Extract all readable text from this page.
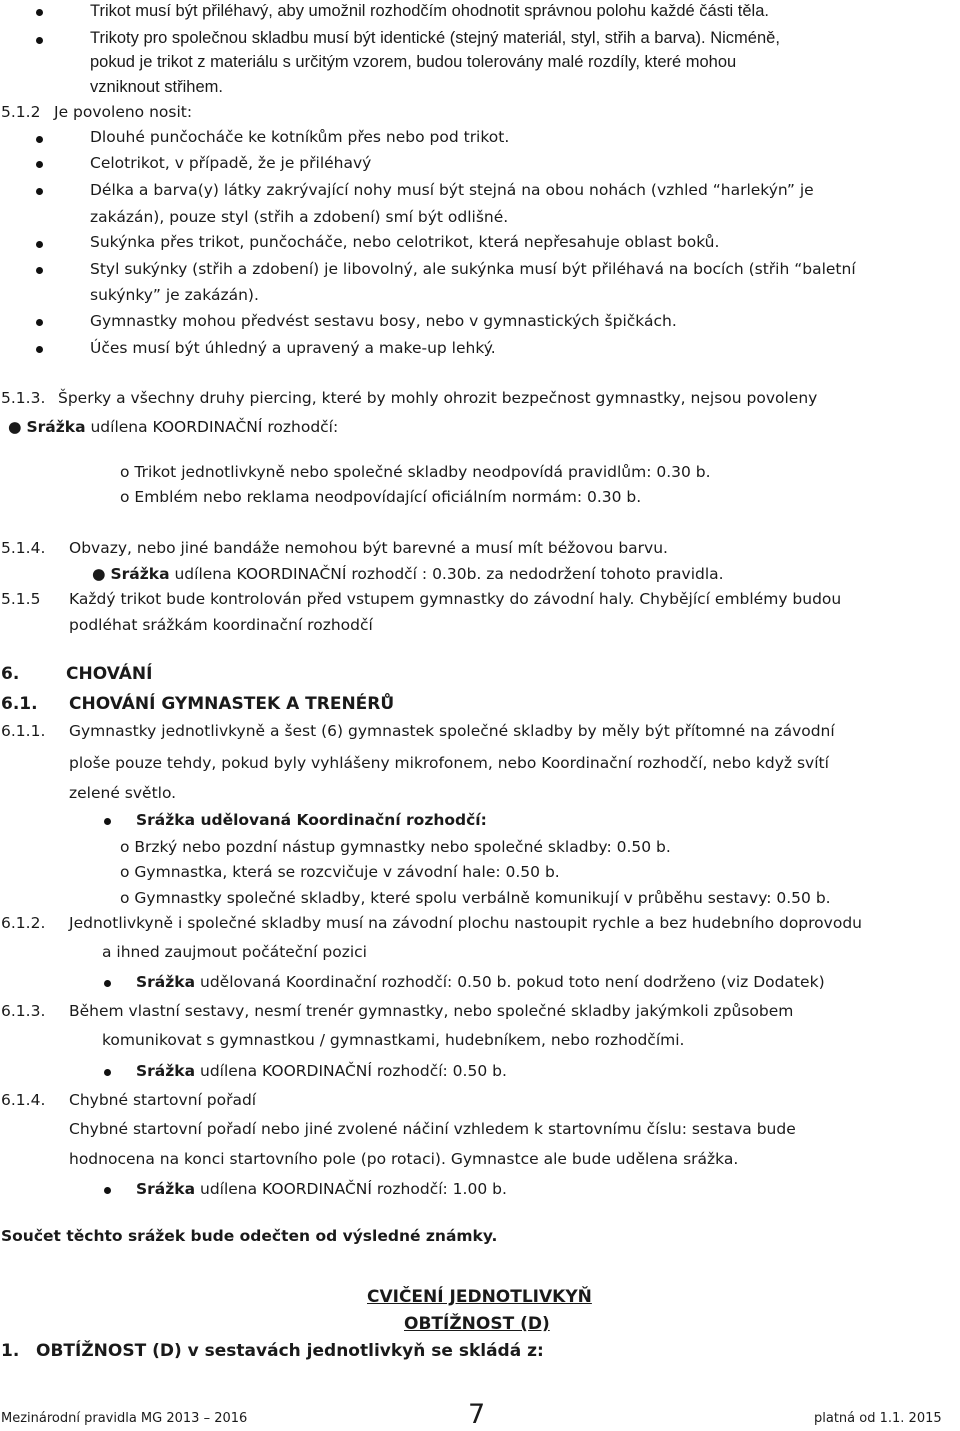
Trikot musí být přiléhavý, aby umožnil rozhodčím ohodnotit správnou polohu každé části těla.
Trikoty pro společnou skladbu musí být identické (stejný materiál, styl, střih a barva). Nicméně,
pokud je trikot z materiálu s určitým vzorem, budou tolerovány malé rozdíly, které mohou
vzniknout střihem.
5.1.2 Je povoleno nosit:
Dlouhé punčocháče ke kotníkům přes nebo pod trikot.
Celotrikot, v případě, že je přiléhavý
Délka a barva(y) látky zakrývající nohy musí být stejná na obou nohách (vzhled “harlekýn” je
zakázán), pouze styl (střih a zdobení) smí být odlišné.
Sukýnka přes trikot, punčocháče, nebo celotrikot, která nepřesahuje oblast boků.
Styl sukýnky (střih a zdobení) je libovolný, ale sukýnka musí být přiléhavá na bocích (střih “baletní
sukýnky” je zakázán).
Gymnastky mohou předvést sestavu bosy, nebo v gymnastických špičkách.
Účes musí být úhledný a upravený a make-up lehký.
5.1.3. Šperky a všechny druhy piercing, které by mohly ohrozit bezpečnost gymnastky, nejsou povoleny
● Srážka udílena KOORDINAČNÍ rozhodčí:
o Trikot jednotlivkyně nebo společné skladby neodpovídá pravidlům: 0.30 b.
o Emblém nebo reklama neodpovídající oficiálním normám: 0.30 b.
5.1.4. Obvazy, nebo jiné bandáže nemohou být barevné a musí mít béžovou barvu.
● Srážka udílena KOORDINAČNÍ rozhodčí : 0.30b. za nedodržení tohoto pravidla.
5.1.5 Každý trikot bude kontrolován před vstupem gymnastky do závodní haly. Chybějící emblémy budou
podléhat srážkám koordinační rozhodčí
6.	CHOVÁNÍ
6.1. CHOVÁNÍ GYMNASTEK A TRENÉRŮ
6.1.1. Gymnastky jednotlivkyně a šest (6) gymnastek společné skladby by měly být přítomné na závodní
ploše pouze tehdy, pokud byly vyhlášeny mikrofonem, nebo Koordinační rozhodčí, nebo když svítí
zelené světlo.
Srážka udělovaná Koordinační rozhodčí:
o Brzký nebo pozdní nástup gymnastky nebo společné skladby: 0.50 b.
o Gymnastka, která se rozcvičuje v závodní hale: 0.50 b.
o Gymnastky společné skladby, které spolu verbálně komunikují v průběhu sestavy: 0.50 b.
6.1.2. Jednotlivkyně i společné skladby musí na závodní plochu nastoupit rychle a bez hudebního doprovodu
a ihned zaujmout počáteční pozici
Srážka udělovaná Koordinační rozhodčí: 0.50 b. pokud toto není dodrženo (viz Dodatek)
6.1.3. Během vlastní sestavy, nesmí trenér gymnastky, nebo společné skladby jakýmkoli způsobem
komunikovat s gymnastkou / gymnastkami, hudebníkem, nebo rozhodčími.
Srážka udílena KOORDINAČNÍ rozhodčí: 0.50 b.
6.1.4. Chybné startovní pořadí
Chybné startovní pořadí nebo jiné zvolené náčiní vzhledem k startovnímu číslu: sestava bude
hodnocena na konci startovního pole (po rotaci). Gymnastce ale bude udělena srážka.
Srážka udílena KOORDINAČNÍ rozhodčí: 1.00 b.
Součet těchto srážek bude odečten od výsledné známky.
CVIČENÍ JEDNOTLIVKYŇ
OBTÍŽNOST (D)
1. OBTÍŽNOST (D) v sestavách jednotlivkyň se skládá z:
Mezinárodní pravidla MG 2013 – 2016	7	platná od 1.1. 2015
